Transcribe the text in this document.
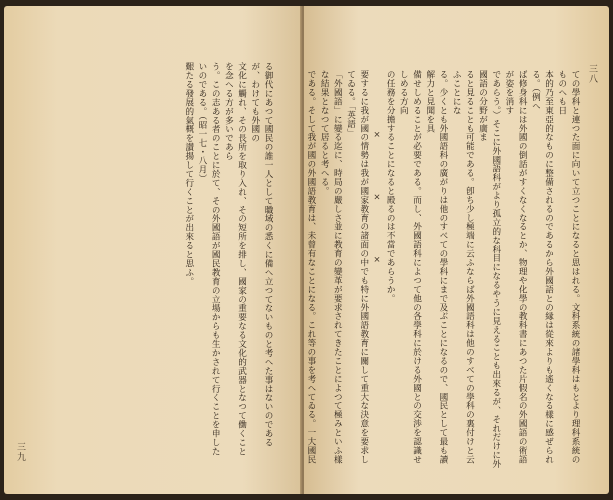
る御代にあつて國民の誰一人として職域の悉くに備へ立つてないものと考へた事はないのであるが、わけても外國の
文化に觸れ、その長所を取り入れ、その短所を排し、國家の重要なる文化的武器となつて働くことを念へる方が多いであら
う。この志ある者のことに於て、その外國語が國民教育の立場からも生かされて行くことを申したいのである。（昭一七・八月）
艱たる發展的氣概を讃揚して行くことが出來ると思ふ。
三九	ての學科と連つた面に向いて立つことになると思はれる。文科系統の諸學科はもとより理科系統のものへも日
本的乃至東亞的なものに整備されるのであるから外國語との縁は從來よりも遙くなる樣に感ぜられる。（例へ
ば修身科には外國の倒話がすくなくなるとか、物理や化學の教科書にあつた片假名の外國語の術語が姿を消す
であらう。）そこに外國語科がより孤立的な科目になるやうに見えることも出來るが、それだけに外國語の分野が廣ま
ると見ることも可能である。卽ち少し極端に云ふならば外國語科は他のすべての學科の裏付けと云ふことにな
る。少くとも外國語科の廣がりは他のすべての學科にまで及ぶことになるので、國民として最も讀解力と見聞を具
備せしめることが必要である。而し、外國語科によつて他の各學科に於ける外國との交渉を認識せしめる方向
の任務を分擔することになると殿るのは不當であらうか。
×　×　×
要するに我が國の情勢は我が國家教育の諸面の中でも特に外國語教育に關して重大な決意を要求してゐる。「英語」
「外國語」に變る迄に、時局の嚴しさ並に教育の變革が要求されてきたことによつて極みといふ樣な結果となつて居ると考へる。
である。そして我が國の外國語教育は、未曾有なことになる。これ等の事を考へてゐる。一大國民
三八
